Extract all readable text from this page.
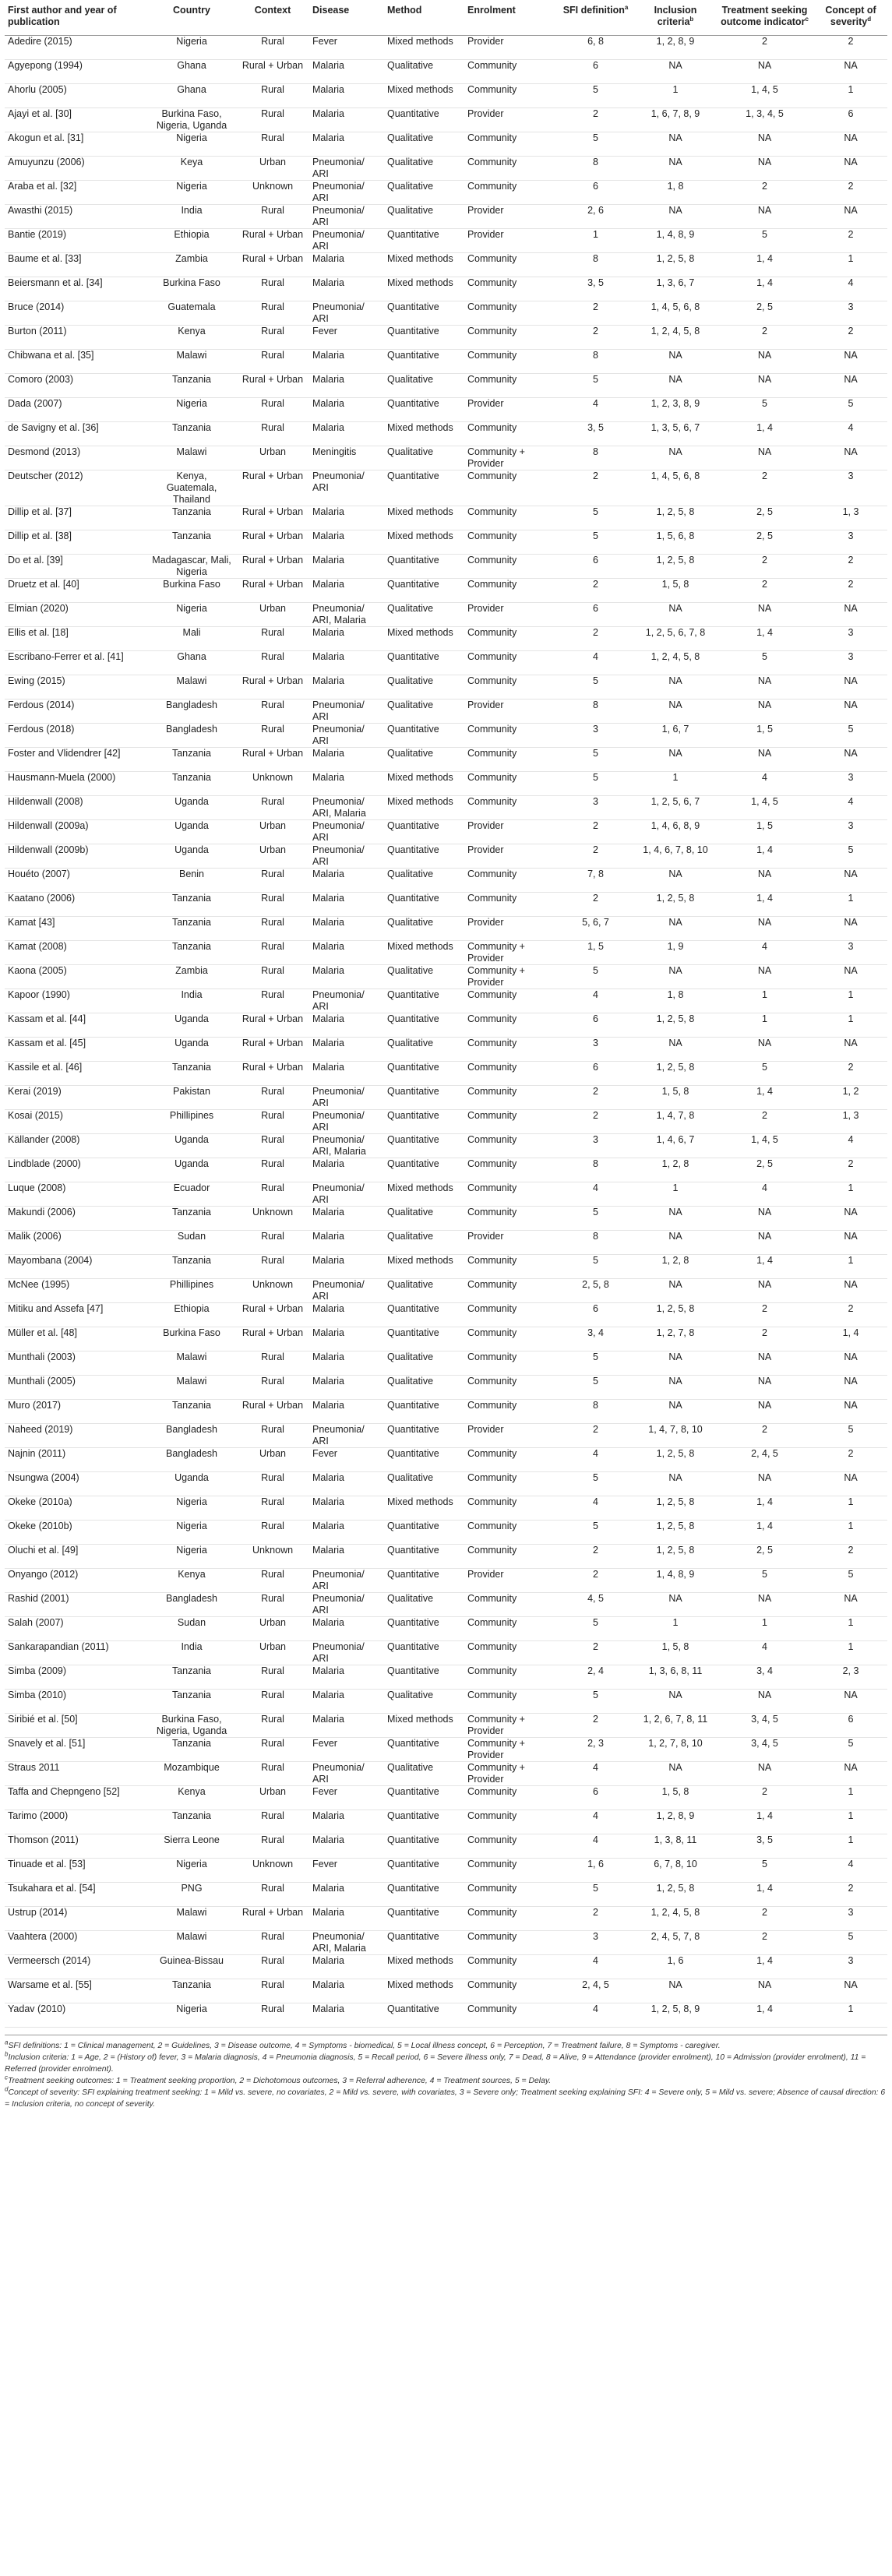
First author and year of publication	Country	Context	Disease	Method	Enrolment	SFI definition$^a$	Inclusion criteria$^b$	Treatment seeking outcome indicator$^c$	Concept of severity$^d$
Adedire (2015)	Nigeria	Rural	Fever	Mixed methods	Provider	6, 8	1, 2, 8, 9	2	2
Agyepong (1994)	Ghana	Rural + Urban	Malaria	Qualitative	Community	6	NA	NA	NA
Ahorlu (2005)	Ghana	Rural	Malaria	Mixed methods	Community	5	1	1, 4, 5	1
Ajayi et al. [30]	Burkina Faso, Nigeria, Uganda	Rural	Malaria	Quantitative	Provider	2	1, 6, 7, 8, 9	1, 3, 4, 5	6
Akogun et al. [31]	Nigeria	Rural	Malaria	Qualitative	Community	5	NA	NA	NA
Amuyunzu (2006)	Keya	Urban	Pneumonia/ ARI	Qualitative	Community	8	NA	NA	NA
Araba et al. [32]	Nigeria	Unknown	Pneumonia/ ARI	Qualitative	Community	6	1, 8	2	2
Awasthi (2015)	India	Rural	Pneumonia/ ARI	Qualitative	Provider	2, 6	NA	NA	NA
Bantie (2019)	Ethiopia	Rural + Urban	Pneumonia/ ARI	Quantitative	Provider	1	1, 4, 8, 9	5	2
Baume et al. [33]	Zambia	Rural + Urban	Malaria	Mixed methods	Community	8	1, 2, 5, 8	1, 4	1
Beiersmann et al. [34]	Burkina Faso	Rural	Malaria	Mixed methods	Community	3, 5	1, 3, 6, 7	1, 4	4
Bruce (2014)	Guatemala	Rural	Pneumonia/ ARI	Quantitative	Community	2	1, 4, 5, 6, 8	2, 5	3
Burton (2011)	Kenya	Rural	Fever	Quantitative	Community	2	1, 2, 4, 5, 8	2	2
Chibwana et al. [35]	Malawi	Rural	Malaria	Quantitative	Community	8	NA	NA	NA
Comoro (2003)	Tanzania	Rural + Urban	Malaria	Qualitative	Community	5	NA	NA	NA
Dada (2007)	Nigeria	Rural	Malaria	Quantitative	Provider	4	1, 2, 3, 8, 9	5	5
de Savigny et al. [36]	Tanzania	Rural	Malaria	Mixed methods	Community	3, 5	1, 3, 5, 6, 7	1, 4	4
Desmond (2013)	Malawi	Urban	Meningitis	Qualitative	Community + Provider	8	NA	NA	NA
Deutscher (2012)	Kenya, Guatemala, Thailand	Rural + Urban	Pneumonia/ ARI	Quantitative	Community	2	1, 4, 5, 6, 8	2	3
Dillip et al. [37]	Tanzania	Rural + Urban	Malaria	Mixed methods	Community	5	1, 2, 5, 8	2, 5	1, 3
Dillip et al. [38]	Tanzania	Rural + Urban	Malaria	Mixed methods	Community	5	1, 5, 6, 8	2, 5	3
Do et al. [39]	Madagascar, Mali, Nigeria	Rural + Urban	Malaria	Quantitative	Community	6	1, 2, 5, 8	2	2
Druetz et al. [40]	Burkina Faso	Rural + Urban	Malaria	Quantitative	Community	2	1, 5, 8	2	2
Elmian (2020)	Nigeria	Urban	Pneumonia/ ARI, Malaria	Qualitative	Provider	6	NA	NA	NA
Ellis et al. [18]	Mali	Rural	Malaria	Mixed methods	Community	2	1, 2, 5, 6, 7, 8	1, 4	3
Escribano-Ferrer et al. [41]	Ghana	Rural	Malaria	Quantitative	Community	4	1, 2, 4, 5, 8	5	3
Ewing (2015)	Malawi	Rural + Urban	Malaria	Qualitative	Community	5	NA	NA	NA
Ferdous (2014)	Bangladesh	Rural	Pneumonia/ ARI	Qualitative	Provider	8	NA	NA	NA
Ferdous (2018)	Bangladesh	Rural	Pneumonia/ ARI	Quantitative	Community	3	1, 6, 7	1, 5	5
Foster and Vlidendrer [42]	Tanzania	Rural + Urban	Malaria	Qualitative	Community	5	NA	NA	NA
Hausmann-Muela (2000)	Tanzania	Unknown	Malaria	Mixed methods	Community	5	1	4	3
Hildenwall (2008)	Uganda	Rural	Pneumonia/ ARI, Malaria	Mixed methods	Community	3	1, 2, 5, 6, 7	1, 4, 5	4
Hildenwall (2009a)	Uganda	Urban	Pneumonia/ ARI	Quantitative	Provider	2	1, 4, 6, 8, 9	1, 5	3
Hildenwall (2009b)	Uganda	Urban	Pneumonia/ ARI	Quantitative	Provider	2	1, 4, 6, 7, 8, 10	1, 4	5
Houéto (2007)	Benin	Rural	Malaria	Qualitative	Community	7, 8	NA	NA	NA
Kaatano (2006)	Tanzania	Rural	Malaria	Quantitative	Community	2	1, 2, 5, 8	1, 4	1
Kamat [43]	Tanzania	Rural	Malaria	Qualitative	Provider	5, 6, 7	NA	NA	NA
Kamat (2008)	Tanzania	Rural	Malaria	Mixed methods	Community + Provider	1, 5	1, 9	4	3
Kaona (2005)	Zambia	Rural	Malaria	Qualitative	Community + Provider	5	NA	NA	NA
Kapoor (1990)	India	Rural	Pneumonia/ ARI	Quantitative	Community	4	1, 8	1	1
Kassam et al. [44]	Uganda	Rural + Urban	Malaria	Quantitative	Community	6	1, 2, 5, 8	1	1
Kassam et al. [45]	Uganda	Rural + Urban	Malaria	Qualitative	Community	3	NA	NA	NA
Kassile et al. [46]	Tanzania	Rural + Urban	Malaria	Quantitative	Community	6	1, 2, 5, 8	5	2
Kerai (2019)	Pakistan	Rural	Pneumonia/ ARI	Quantitative	Community	2	1, 5, 8	1, 4	1, 2
Kosai (2015)	Phillipines	Rural	Pneumonia/ ARI	Quantitative	Community	2	1, 4, 7, 8	2	1, 3
Källander (2008)	Uganda	Rural	Pneumonia/ ARI, Malaria	Quantitative	Community	3	1, 4, 6, 7	1, 4, 5	4
Lindblade (2000)	Uganda	Rural	Malaria	Quantitative	Community	8	1, 2, 8	2, 5	2
Luque (2008)	Ecuador	Rural	Pneumonia/ ARI	Mixed methods	Community	4	1	4	1
Makundi (2006)	Tanzania	Unknown	Malaria	Qualitative	Community	5	NA	NA	NA
Malik (2006)	Sudan	Rural	Malaria	Qualitative	Provider	8	NA	NA	NA
Mayombana (2004)	Tanzania	Rural	Malaria	Mixed methods	Community	5	1, 2, 8	1, 4	1
McNee (1995)	Phillipines	Unknown	Pneumonia/ ARI	Qualitative	Community	2, 5, 8	NA	NA	NA
Mitiku and Assefa [47]	Ethiopia	Rural + Urban	Malaria	Quantitative	Community	6	1, 2, 5, 8	2	2
Müller et al. [48]	Burkina Faso	Rural + Urban	Malaria	Quantitative	Community	3, 4	1, 2, 7, 8	2	1, 4
Munthali (2003)	Malawi	Rural	Malaria	Qualitative	Community	5	NA	NA	NA
Munthali (2005)	Malawi	Rural	Malaria	Qualitative	Community	5	NA	NA	NA
Muro (2017)	Tanzania	Rural + Urban	Malaria	Quantitative	Community	8	NA	NA	NA
Naheed (2019)	Bangladesh	Rural	Pneumonia/ ARI	Quantitative	Provider	2	1, 4, 7, 8, 10	2	5
Najnin (2011)	Bangladesh	Urban	Fever	Quantitative	Community	4	1, 2, 5, 8	2, 4, 5	2
Nsungwa (2004)	Uganda	Rural	Malaria	Qualitative	Community	5	NA	NA	NA
Okeke (2010a)	Nigeria	Rural	Malaria	Mixed methods	Community	4	1, 2, 5, 8	1, 4	1
Okeke (2010b)	Nigeria	Rural	Malaria	Quantitative	Community	5	1, 2, 5, 8	1, 4	1
Oluchi et al. [49]	Nigeria	Unknown	Malaria	Quantitative	Community	2	1, 2, 5, 8	2, 5	2
Onyango (2012)	Kenya	Rural	Pneumonia/ ARI	Quantitative	Provider	2	1, 4, 8, 9	5	5
Rashid (2001)	Bangladesh	Rural	Pneumonia/ ARI	Qualitative	Community	4, 5	NA	NA	NA
Salah (2007)	Sudan	Urban	Malaria	Quantitative	Community	5	1	1	1
Sankarapandian (2011)	India	Urban	Pneumonia/ ARI	Quantitative	Community	2	1, 5, 8	4	1
Simba (2009)	Tanzania	Rural	Malaria	Quantitative	Community	2, 4	1, 3, 6, 8, 11	3, 4	2, 3
Simba (2010)	Tanzania	Rural	Malaria	Qualitative	Community	5	NA	NA	NA
Siribié et al. [50]	Burkina Faso, Nigeria, Uganda	Rural	Malaria	Mixed methods	Community + Provider	2	1, 2, 6, 7, 8, 11	3, 4, 5	6
Snavely et al. [51]	Tanzania	Rural	Fever	Quantitative	Community + Provider	2, 3	1, 2, 7, 8, 10	3, 4, 5	5
Straus 2011	Mozambique	Rural	Pneumonia/ ARI	Qualitative	Community + Provider	4	NA	NA	NA
Taffa and Chepngeno [52]	Kenya	Urban	Fever	Quantitative	Community	6	1, 5, 8	2	1
Tarimo (2000)	Tanzania	Rural	Malaria	Quantitative	Community	4	1, 2, 8, 9	1, 4	1
Thomson (2011)	Sierra Leone	Rural	Malaria	Quantitative	Community	4	1, 3, 8, 11	3, 5	1
Tinuade et al. [53]	Nigeria	Unknown	Fever	Quantitative	Community	1, 6	6, 7, 8, 10	5	4
Tsukahara et al. [54]	PNG	Rural	Malaria	Quantitative	Community	5	1, 2, 5, 8	1, 4	2
Ustrup (2014)	Malawi	Rural + Urban	Malaria	Quantitative	Community	2	1, 2, 4, 5, 8	2	3
Vaahtera (2000)	Malawi	Rural	Pneumonia/ ARI, Malaria	Quantitative	Community	3	2, 4, 5, 7, 8	2	5
Vermeersch (2014)	Guinea-Bissau	Rural	Malaria	Mixed methods	Community	4	1, 6	1, 4	3
Warsame et al. [55]	Tanzania	Rural	Malaria	Mixed methods	Community	2, 4, 5	NA	NA	NA
Yadav (2010)	Nigeria	Rural	Malaria	Quantitative	Community	4	1, 2, 5, 8, 9	1, 4	1

$^a$SFI definitions: 1 = Clinical management, 2 = Guidelines, 3 = Disease outcome, 4 = Symptoms - biomedical, 5 = Local illness concept, 6 = Perception, 7 = Treatment failure, 8 = Symptoms - caregiver.

$^b$Inclusion criteria: 1 = Age, 2 = (History of) fever, 3 = Malaria diagnosis, 4 = Pneumonia diagnosis, 5 = Recall period, 6 = Severe illness only, 7 = Dead, 8 = Alive, 9 = Attendance (provider enrolment), 10 = Admission (provider enrolment), 11 = Referred (provider enrolment).

$^c$Treatment seeking outcomes: 1 = Treatment seeking proportion, 2 = Dichotomous outcomes, 3 = Referral adherence, 4 = Treatment sources, 5 = Delay.

$^d$Concept of severity: SFI explaining treatment seeking: 1 = Mild vs. severe, no covariates, 2 = Mild vs. severe, with covariates, 3 = Severe only; Treatment seeking explaining SFI: 4 = Severe only, 5 = Mild vs. severe; Absence of causal direction: 6 = Inclusion criteria, no concept of severity.
